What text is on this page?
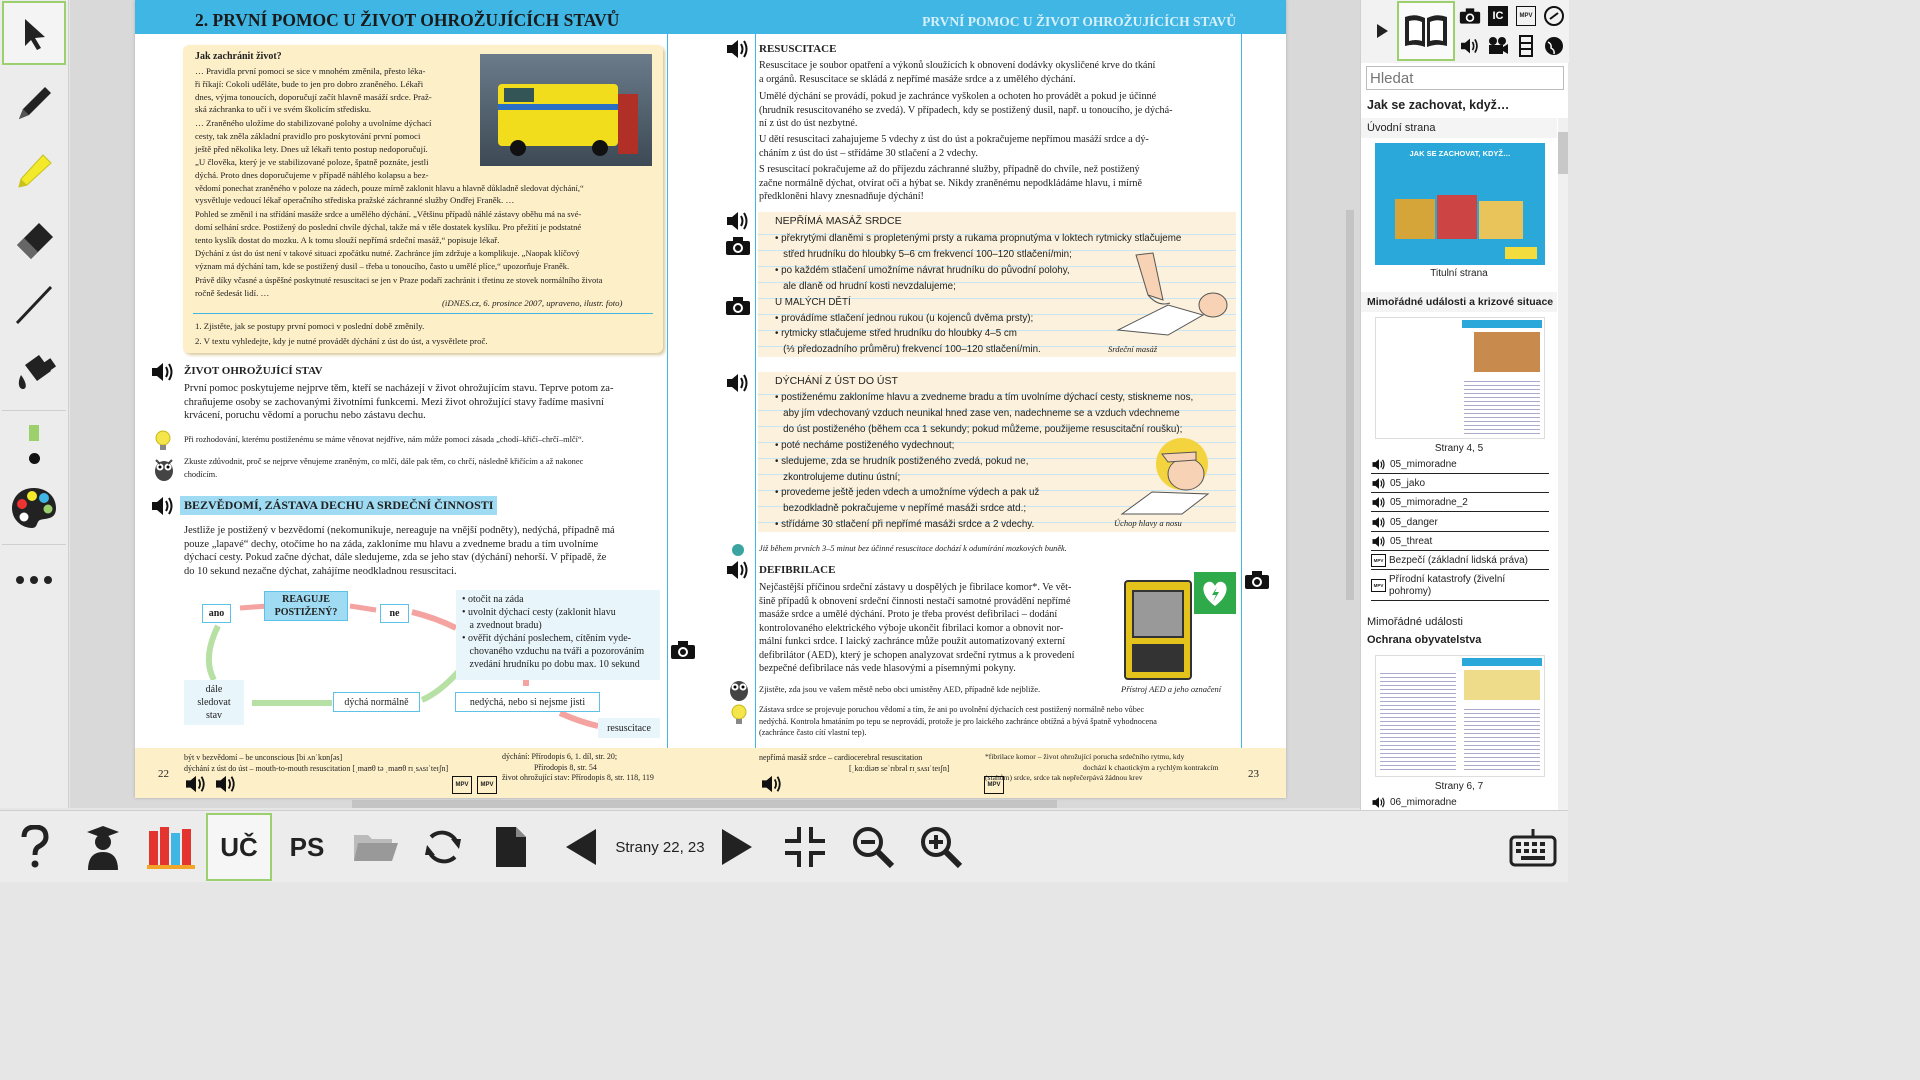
2. PRVNÍ POMOC U ŽIVOT OHROŽUJÍCÍCH STAVŮ	PRVNÍ POMOC U ŽIVOT OHROŽUJÍCÍCH STAVŮ
Jak zachránit život?
… Pravidla první pomoci se sice v mnohém změnila, přesto léka-
ři říkají: Cokoli uděláte, bude to jen pro dobro zraněného. Lékaři
dnes, výjma tonoucích, doporučují začít hlavně masáží srdce. Praž-
ská záchranka to učí i ve svém školicím středisku.
… Zraněného uložíme do stabilizované polohy a uvolníme dýchací
cesty, tak zněla základní pravidlo pro poskytování první pomoci
ještě před několika lety. Dnes už lékaři tento postup nedoporučují.
„U člověka, který je ve stabilizované poloze, špatně poznáte, jestli
dýchá. Proto dnes doporučujeme v případě náhlého kolapsu a bez-
vědomí ponechat zraněného v poloze na zádech, pouze mírně zaklonit hlavu a hlavně důkladně sledovat dýchání,“
vysvětluje vedoucí lékař operačního střediska pražské záchranné služby Ondřej Franěk. …
Pohled se změnil i na střídání masáže srdce a umělého dýchání. „Většinu případů náhlé zástavy oběhu má na své-
domí selhání srdce. Postižený do poslední chvíle dýchal, takže má v těle dostatek kyslíku. Pro přežití je podstatné
tento kyslík dostat do mozku. A k tomu slouží nepřímá srdeční masáž,“ popisuje lékař.
Dýchání z úst do úst není v takové situaci zpočátku nutné. Zachránce jím zdržuje a komplikuje. „Naopak klíčový
význam má dýchání tam, kde se postižený dusil – třeba u tonoucího, často u umělé plíce,“ upozorňuje Franěk.
Právě díky včasné a úspěšné poskytnuté resuscitaci se jen v Praze podaří zachránit i třetinu ze stovek normálního života
ročně šedesát lidí. …
(iDNES.cz, 6. prosince 2007, upraveno, ilustr. foto)
1. Zjistěte, jak se postupy první pomoci v poslední době změnily.
2. V textu vyhledejte, kdy je nutné provádět dýchání z úst do úst, a vysvětlete proč.
ŽIVOT OHROŽUJÍCÍ STAV
První pomoc poskytujeme nejprve těm, kteří se nacházejí v život ohrožujícím stavu. Teprve potom za-
chraňujeme osoby se zachovanými životními funkcemi. Mezi život ohrožující stavy řadíme masivní
krvácení, poruchu vědomí a poruchu nebo zástavu dechu.
Při rozhodování, kterému postiženému se máme věnovat nejdříve, nám může pomoci zásada „chodí–křičí–chrčí–mlčí“.
Zkuste zdůvodnit, proč se nejprve věnujeme zraněným, co mlčí, dále pak těm, co chrčí, následně křičícím a až nakonec
chodícím.
BEZVĚDOMÍ, ZÁSTAVA DECHU A SRDEČNÍ ČINNOSTI
Jestliže je postižený v bezvědomí (nekomunikuje, nereaguje na vnější podněty), nedýchá, případně má
pouze „lapavé“ dechy, otočíme ho na záda, zakloníme mu hlavu a zvedneme bradu a tím uvolníme
dýchací cesty. Pokud začne dýchat, dále sledujeme, zda se jeho stav (dýchání) nehorší. V případě, že
do 10 sekund nezačne dýchat, zahájíme neodkladnou resuscitaci.
REAGUJE POSTIŽENÝ?
ano	ne
• otočit na záda
• uvolnit dýchací cesty (zaklonit hlavu
a zvednout bradu)
• ověřit dýchání poslechem, cítěním vyde-
chovaného vzduchu na tváři a pozorováním
zvedání hrudníku po dobu max. 10 sekund
dále sledovat stav
dýchá normálně	nedýchá, nebo si nejsme jisti
resuscitace
RESUSCITACE
Resuscitace je soubor opatření a výkonů sloužících k obnovení dodávky okysličené krve do tkání
a orgánů. Resuscitace se skládá z nepřímé masáže srdce a z umělého dýchání.
Umělé dýchání se provádí, pokud je zachránce vyškolen a ochoten ho provádět a pokud je účinné
(hrudník resuscitovaného se zvedá). V případech, kdy se postižený dusil, např. u tonoucího, je dýchá-
ní z úst do úst nezbytné.
U dětí resuscitaci zahajujeme 5 vdechy z úst do úst a pokračujeme nepřímou masáží srdce a dý-
cháním z úst do úst – střídáme 30 stlačení a 2 vdechy.
S resuscitací pokračujeme až do příjezdu záchranné služby, případně do chvíle, než postižený
začne normálně dýchat, otvírat oči a hýbat se. Nikdy zraněnému nepodkládáme hlavu, i mírně
předkloněni hlavy znesnadňuje dýchání!
NEPŘÍMÁ MASÁŽ SRDCE
• překrytými dlaněmi s propletenými prsty a rukama propnutýma v loktech rytmicky stlačujeme
střed hrudníku do hloubky 5–6 cm frekvencí 100–120 stlačení/min;
• po každém stlačení umožníme návrat hrudníku do původní polohy,
ale dlaně od hrudní kosti nevzdalujeme;
U MALÝCH DĚTÍ
• provádíme stlačení jednou rukou (u kojenců dvěma prsty);
• rytmicky stlačujeme střed hrudníku do hloubky 4–5 cm
(⅓ předozadního průměru) frekvencí 100–120 stlačení/min.	Srdeční masáž
DÝCHÁNÍ Z ÚST DO ÚST
• postiženému zakloníme hlavu a zvedneme bradu a tím uvolníme dýchací cesty, stiskneme nos,
aby jím vdechovaný vzduch neunikal hned zase ven, nadechneme se a vzduch vdechneme
do úst postiženého (během cca 1 sekundy; pokud můžeme, použijeme resuscitační roušku);
• poté necháme postiženého vydechnout;
• sledujeme, zda se hrudník postiženého zvedá, pokud ne,
zkontrolujeme dutinu ústní;
• provedeme ještě jeden vdech a umožníme výdech a pak už
bezodkladně pokračujeme v nepřímé masáži srdce atd.;
• střídáme 30 stlačení při nepřímé masáži srdce a 2 vdechy.	Úchop hlavy a nosu
Již během prvních 3–5 minut bez účinné resuscitace dochází k odumírání mozkových buněk.
DEFIBRILACE
Nejčastější příčinou srdeční zástavy u dospělých je fibrilace komor*. Ve vět-
šině případů k obnovení srdeční činnosti nestačí samotné provádění nepřímé
masáže srdce a umělé dýchání. Proto je třeba provést defibrilaci – dodání
kontrolovaného elektrického výboje ukončit fibrilaci komor a obnovit nor-
mální funkci srdce. I laický zachránce může použít automatizovaný externí
defibrilátor (AED), který je schopen analyzovat srdeční rytmus a k provedení
bezpečné defibrilace nás vede hlasovými a písemnými pokyny.
Přístroj AED a jeho označení
Zjistěte, zda jsou ve vašem městě nebo obci umístěny AED, případně kde nejbliže.
Zástava srdce se projevuje poruchou vědomí a tím, že ani po uvolnění dýchacích cest postižený normálně nebo vůbec
nedýchá. Kontrola hmatáním po tepu se neprovádí, protože je pro laického zachránce obtížná a bývá špatně vyhodnocena
(zachránce často cítí vlastní tep).
22	23
být v bezvědomí – be unconscious [bi ʌnˈkɒnʃəs]
dýchání z úst do úst – mouth-to-mouth resuscitation [ˌmaʊθ tə ˌmaʊθ rɪˌsʌsɪˈteɪʃn]
dýchání: Přírodopis 6, 1. díl, str. 20;
Přírodopis 8, str. 54
život ohrožující stav: Přírodopis 8, str. 118, 119
nepřímá masáž srdce – cardiocerebral resuscitation
[ˌkɑːdiəʊ seˈrɪbrəl rɪˌsʌsɪˈteɪʃn]
*fibrilace komor – život ohrožující porucha srdečního rytmu, kdy
dochází k chaotickým a rychlým kontrakcím
(stahům) srdce, srdce tak nepřečerpává žádnou krev
MPV	MPV	MPV
IC	MPV
Hledat
Jak se zachovat, když…
Úvodní strana
JAK SE ZACHOVAT, KDYŽ…
Titulní strana
Mimořádné události a krizové situace
Strany 4, 5
05_mimoradne
05_jako
05_mimoradne_2
05_danger
05_threat
MPV Bezpečí (základní lidská práva)
MPV
Přírodní katastrofy (živelní pohromy)
Mimořádné události
Ochrana obyvatelstva
Strany 6, 7
06_mimoradne
UČ PS	Strany 22, 23
